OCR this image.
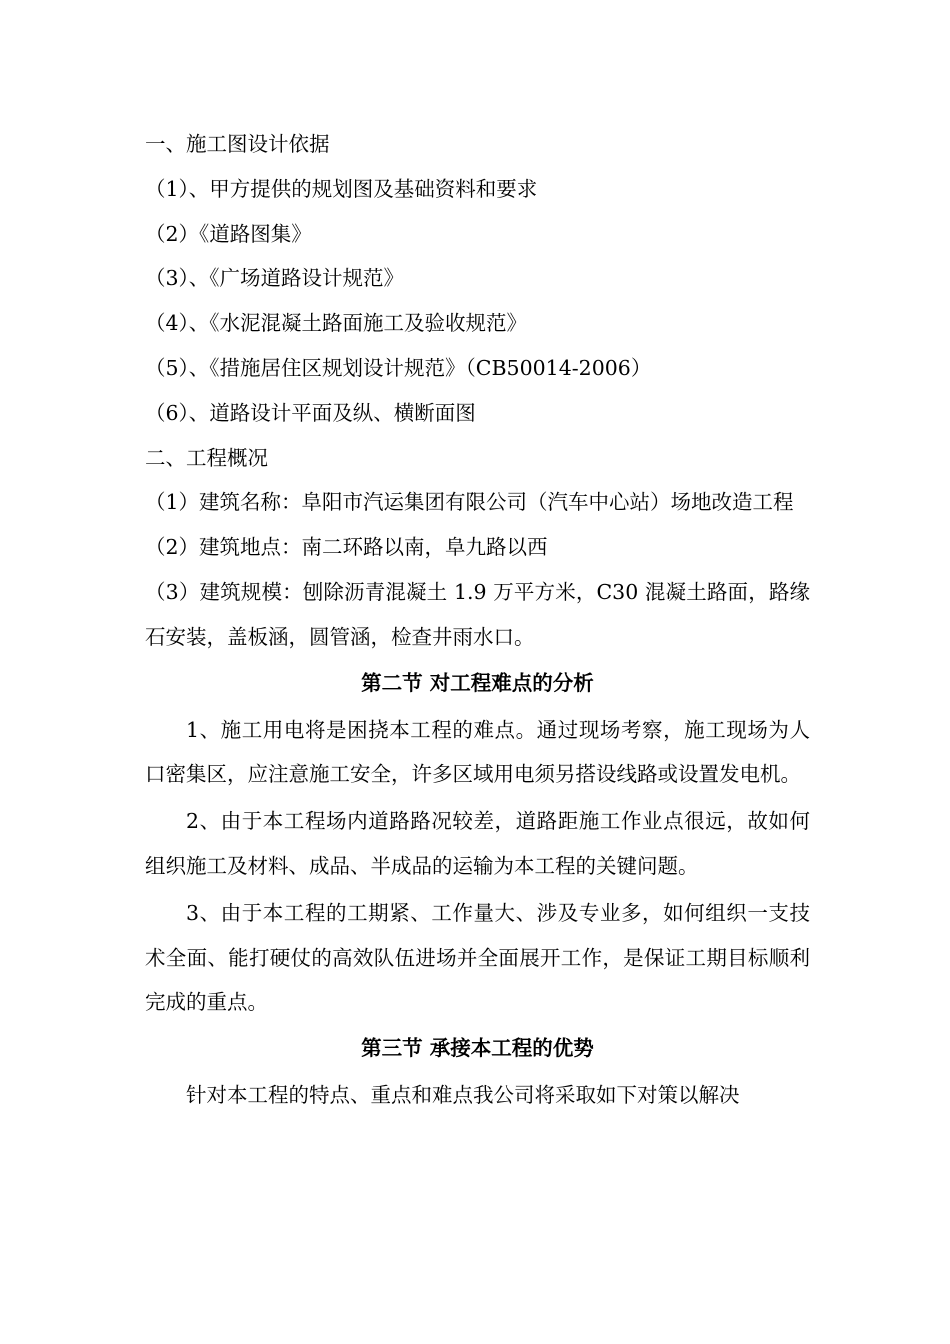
一、施工图设计依据

（1）、甲方提供的规划图及基础资料和要求

（2）《道路图集》

（3）、《广场道路设计规范》

（4）、《水泥混凝土路面施工及验收规范》

（5）、《措施居住区规划设计规范》（CB50014-2006）

（6）、道路设计平面及纵、横断面图

二、工程概况

（1）建筑名称：阜阳市汽运集团有限公司（汽车中心站）场地改造工程

（2）建筑地点：南二环路以南，阜九路以西

（3）建筑规模：刨除沥青混凝土 1.9 万平方米，C30 混凝土路面，路缘石安装，盖板涵，圆管涵，检查井雨水口。

第二节 对工程难点的分析

1、施工用电将是困挠本工程的难点。通过现场考察，施工现场为人口密集区，应注意施工安全，许多区域用电须另搭设线路或设置发电机。

2、由于本工程场内道路路况较差，道路距施工作业点很远，故如何组织施工及材料、成品、半成品的运输为本工程的关键问题。

3、由于本工程的工期紧、工作量大、涉及专业多，如何组织一支技术全面、能打硬仗的高效队伍进场并全面展开工作，是保证工期目标顺利完成的重点。

第三节 承接本工程的优势

针对本工程的特点、重点和难点我公司将采取如下对策以解决
